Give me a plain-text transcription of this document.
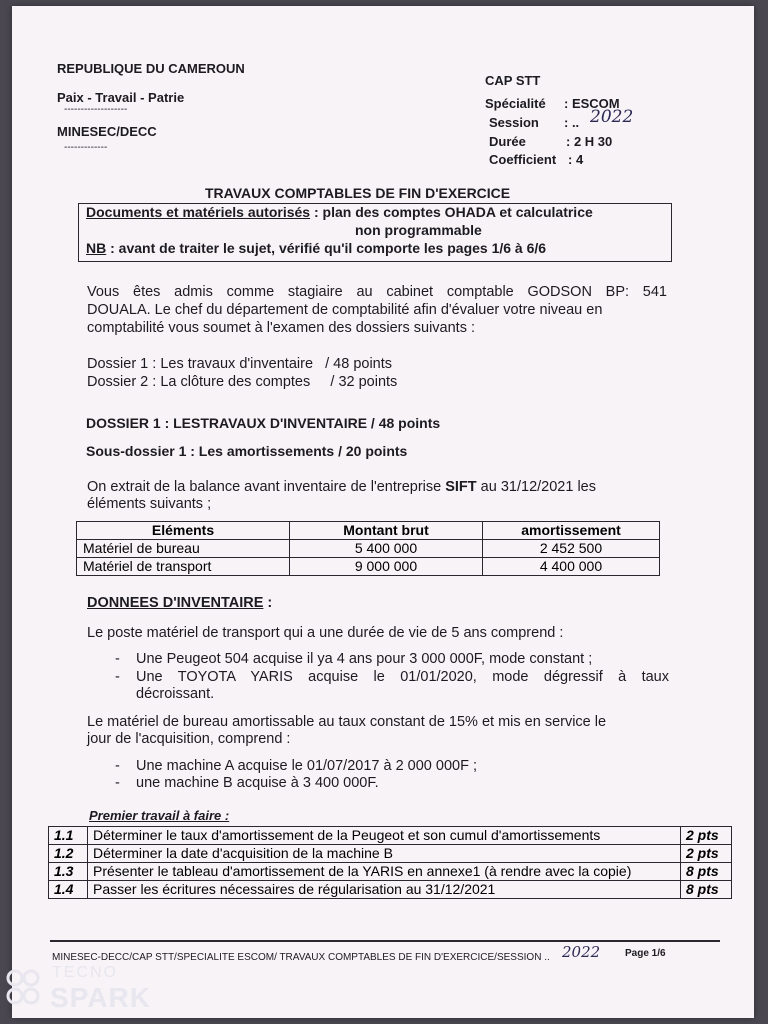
REPUBLIQUE DU CAMEROUN
Paix - Travail - Patrie
-------------------
MINESEC/DECC
-------------
CAP STT
Spécialité : ESCOM
Session : .. 2022
Durée	: 2 H 30
Coefficient : 4
TRAVAUX COMPTABLES DE FIN D'EXERCICE
Documents et matériels autorisés : plan des comptes OHADA et calculatrice
non programmable
NB : avant de traiter le sujet, vérifié qu'il comporte les pages 1/6 à 6/6
Vous êtes admis comme stagiaire au cabinet comptable GODSON BP: 541
DOUALA. Le chef du département de comptabilité afin d'évaluer votre niveau en
comptabilité vous soumet à l'examen des dossiers suivants :
Dossier 1 : Les travaux d'inventaire   / 48 points
Dossier 2 : La clôture des comptes     / 32 points
DOSSIER 1 : LESTRAVAUX D'INVENTAIRE / 48 points
Sous-dossier 1 : Les amortissements / 20 points
On extrait de la balance avant inventaire de l'entreprise SIFT au 31/12/2021 les
éléments suivants ;
Eléments	Montant brut	amortissement
Matériel de bureau	5 400 000	2 452 500
Matériel de transport	9 000 000	4 400 000
DONNEES D'INVENTAIRE :
Le poste matériel de transport qui a une durée de vie de 5 ans comprend :
- Une Peugeot 504 acquise il ya 4 ans pour 3 000 000F, mode constant ;
- Une TOYOTA YARIS acquise le 01/01/2020, mode dégressif à taux
décroissant.
Le matériel de bureau amortissable au taux constant de 15% et mis en service le
jour de l'acquisition, comprend :
- Une machine A acquise le 01/07/2017 à 2 000 000F ;
- une machine B acquise à 3 400 000F.
Premier travail à faire :
1.1	Déterminer le taux d'amortissement de la Peugeot et son cumul d'amortissements	2 pts
1.2	Déterminer la date d'acquisition de la machine B	2 pts
1.3	Présenter le tableau d'amortissement de la YARIS en annexe1 (à rendre avec la copie)	8 pts
1.4	Passer les écritures nécessaires de régularisation au 31/12/2021	8 pts
MINESEC-DECC/CAP STT/SPECIALITE ESCOM/ TRAVAUX COMPTABLES DE FIN D'EXERCICE/SESSION .. 2022 Page 1/6
TECNO
SPARK
